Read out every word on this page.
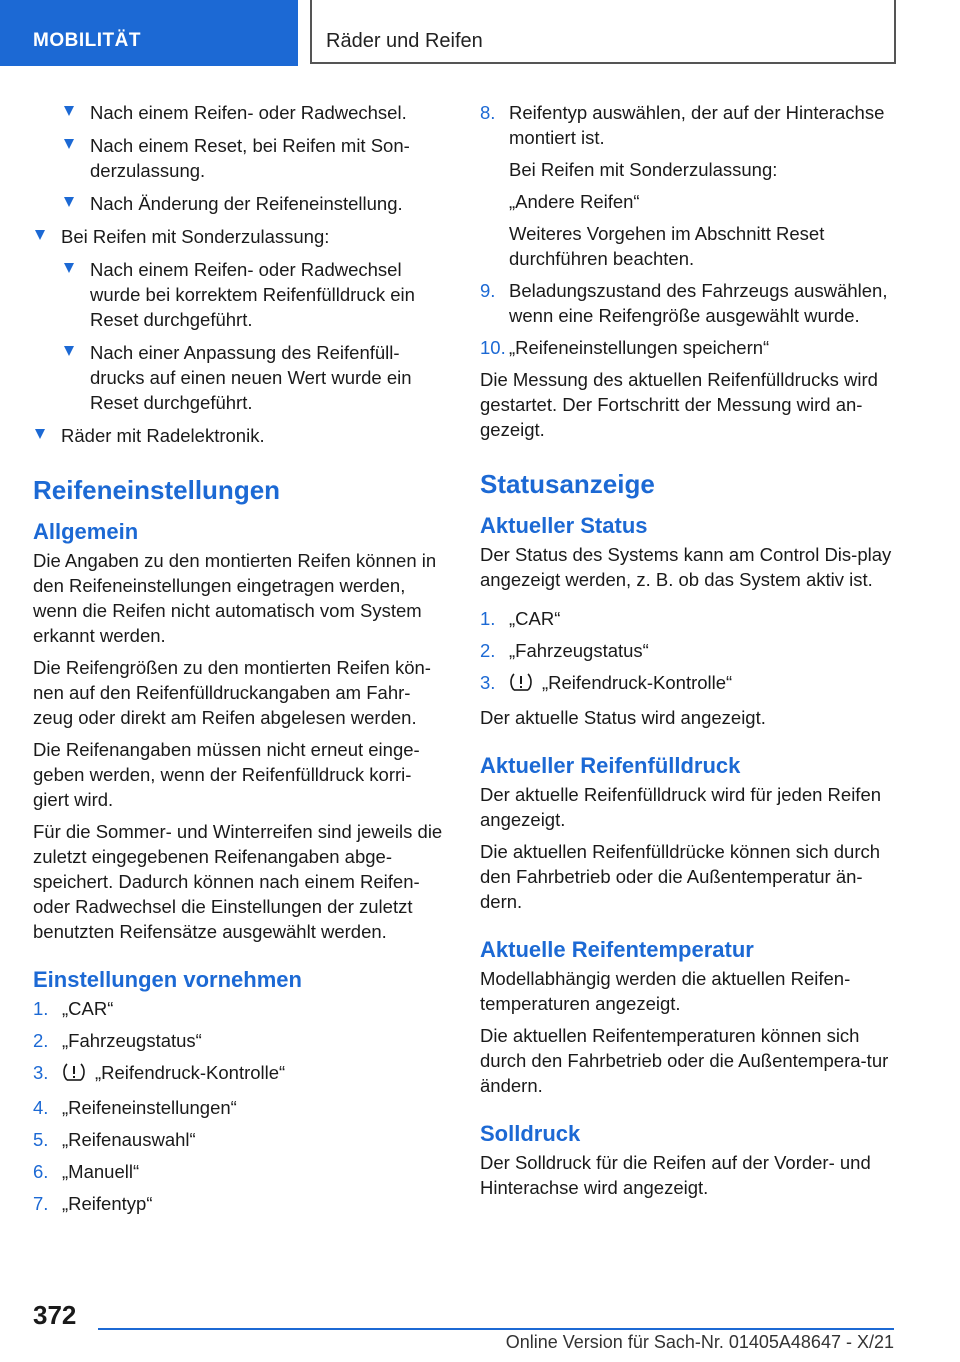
MOBILITÄT	Räder und Reifen
Nach einem Reifen- oder Radwechsel.
Nach einem Reset, bei Reifen mit Son-derzulassung.
Nach Änderung der Reifeneinstellung.
Bei Reifen mit Sonderzulassung:
Nach einem Reifen- oder Radwechsel wurde bei korrektem Reifenfülldruck ein Reset durchgeführt.
Nach einer Anpassung des Reifenfüll-drucks auf einen neuen Wert wurde ein Reset durchgeführt.
Räder mit Radelektronik.
Reifeneinstellungen
Allgemein

Die Angaben zu den montierten Reifen können in den Reifeneinstellungen eingetragen werden, wenn die Reifen nicht automatisch vom System erkannt werden.

Die Reifengrößen zu den montierten Reifen kön-nen auf den Reifenfülldruckangaben am Fahr-zeug oder direkt am Reifen abgelesen werden.

Die Reifenangaben müssen nicht erneut einge-geben werden, wenn der Reifenfülldruck korri-giert wird.

Für die Sommer- und Winterreifen sind jeweils die zuletzt eingegebenen Reifenangaben abge-speichert. Dadurch können nach einem Reifen- oder Radwechsel die Einstellungen der zuletzt benutzten Reifensätze ausgewählt werden.

Einstellungen vornehmen
1. „CAR“
2. „Fahrzeugstatus“
3.	„Reifendruck-Kontrolle“
4. „Reifeneinstellungen“
5. „Reifenauswahl“
6. „Manuell“
7. „Reifentyp“
8. Reifentyp auswählen, der auf der Hinterachse montiert ist.

Bei Reifen mit Sonderzulassung:

„Andere Reifen“

Weiteres Vorgehen im Abschnitt Reset durchführen beachten.

9. Beladungszustand des Fahrzeugs auswählen, wenn eine Reifengröße ausgewählt wurde.
10. „Reifeneinstellungen speichern“

Die Messung des aktuellen Reifenfülldrucks wird gestartet. Der Fortschritt der Messung wird an-gezeigt.

Statusanzeige
Aktueller Status

Der Status des Systems kann am Control Dis-play angezeigt werden, z. B. ob das System aktiv ist.

1. „CAR“
2. „Fahrzeugstatus“
3.	„Reifendruck-Kontrolle“

Der aktuelle Status wird angezeigt.

Aktueller Reifenfülldruck

Der aktuelle Reifenfülldruck wird für jeden Reifen angezeigt.

Die aktuellen Reifenfülldrücke können sich durch den Fahrbetrieb oder die Außentemperatur än-dern.

Aktuelle Reifentemperatur

Modellabhängig werden die aktuellen Reifen-temperaturen angezeigt.

Die aktuellen Reifentemperaturen können sich durch den Fahrbetrieb oder die Außentempera-tur ändern.

Solldruck

Der Solldruck für die Reifen auf der Vorder- und Hinterachse wird angezeigt.

372
Online Version für Sach-Nr. 01405A48647 - X/21
